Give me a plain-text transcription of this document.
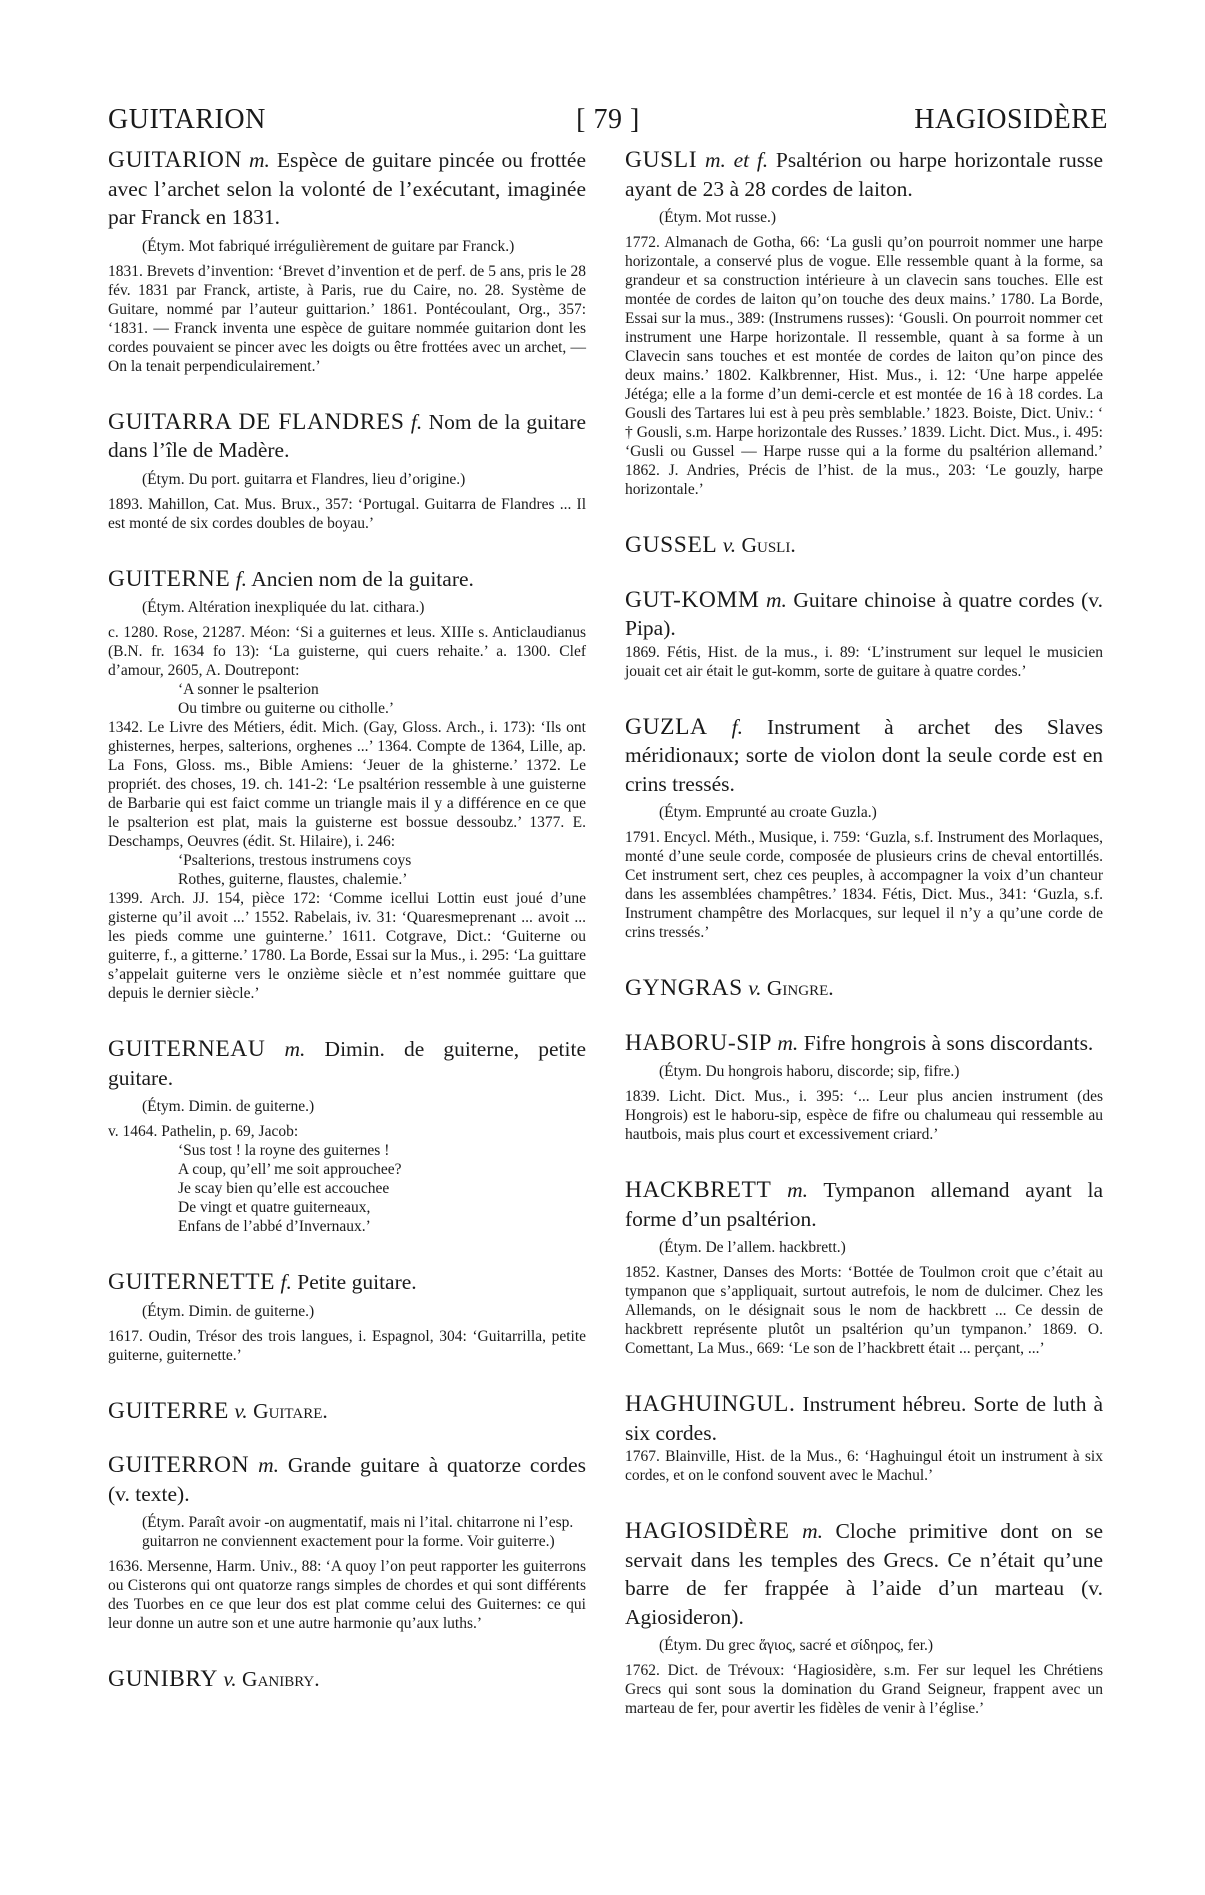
GUITARION	[ 79 ]	HAGIOSIDÈRE

GUITARION m. Espèce de guitare pincée ou frottée avec l’archet selon la volonté de l’exécutant, imaginée par Franck en 1831.

(Étym. Mot fabriqué irrégulièrement de guitare par Franck.)

1831. Brevets d’invention: ‘Brevet d’invention et de perf. de 5 ans, pris le 28 fév. 1831 par Franck, artiste, à Paris, rue du Caire, no. 28. Système de Guitare, nommé par l’auteur guittarion.’ 1861. Pontécoulant, Org., 357: ‘1831. — Franck inventa une espèce de guitare nommée guitarion dont les cordes pouvaient se pincer avec les doigts ou être frottées avec un archet, — On la tenait perpendiculairement.’

GUITARRA DE FLANDRES f. Nom de la guitare dans l’île de Madère.

(Étym. Du port. guitarra et Flandres, lieu d’origine.)

1893. Mahillon, Cat. Mus. Brux., 357: ‘Portugal. Guitarra de Flandres ... Il est monté de six cordes doubles de boyau.’

GUITERNE f. Ancien nom de la guitare.

(Étym. Altération inexpliquée du lat. cithara.)

c. 1280. Rose, 21287. Méon: ‘Si a guiternes et leus. XIIIe s. Anticlaudianus (B.N. fr. 1634 fo 13): ‘La guisterne, qui cuers rehaite.’ a. 1300. Clef d’amour, 2605, A. Doutrepont:

‘A sonner le psalterion

Ou timbre ou guiterne ou citholle.’

1342. Le Livre des Métiers, édit. Mich. (Gay, Gloss. Arch., i. 173): ‘Ils ont ghisternes, herpes, salterions, orghenes ...’ 1364. Compte de 1364, Lille, ap. La Fons, Gloss. ms., Bible Amiens: ‘Jeuer de la ghisterne.’ 1372. Le propriét. des choses, 19. ch. 141-2: ‘Le psaltérion ressemble à une guisterne de Barbarie qui est faict comme un triangle mais il y a différence en ce que le psalterion est plat, mais la guisterne est bossue dessoubz.’ 1377. E. Deschamps, Oeuvres (édit. St. Hilaire), i. 246:

‘Psalterions, trestous instrumens coys

Rothes, guiterne, flaustes, chalemie.’

1399. Arch. JJ. 154, pièce 172: ‘Comme icellui Lottin eust joué d’une gisterne qu’il avoit ...’ 1552. Rabelais, iv. 31: ‘Quaresmeprenant ... avoit ... les pieds comme une guinterne.’ 1611. Cotgrave, Dict.: ‘Guiterne ou guiterre, f., a gitterne.’ 1780. La Borde, Essai sur la Mus., i. 295: ‘La guittare s’appelait guiterne vers le onzième siècle et n’est nommée guittare que depuis le dernier siècle.’

GUITERNEAU m. Dimin. de guiterne, petite guitare.

(Étym. Dimin. de guiterne.)

v. 1464. Pathelin, p. 69, Jacob:

‘Sus tost ! la royne des guiternes !

A coup, qu’ell’ me soit approuchee?

Je scay bien qu’elle est accouchee

De vingt et quatre guiterneaux,

Enfans de l’abbé d’Invernaux.’

GUITERNETTE f. Petite guitare.

(Étym. Dimin. de guiterne.)

1617. Oudin, Trésor des trois langues, i. Espagnol, 304: ‘Guitarrilla, petite guiterne, guiternette.’

GUITERRE v. Guitare.

GUITERRON m. Grande guitare à quatorze cordes (v. texte).

(Étym. Paraît avoir -on augmentatif, mais ni l’ital. chitarrone ni l’esp. guitarron ne conviennent exactement pour la forme. Voir guiterre.)

1636. Mersenne, Harm. Univ., 88: ‘A quoy l’on peut rapporter les guiterrons ou Cisterons qui ont quatorze rangs simples de chordes et qui sont différents des Tuorbes en ce que leur dos est plat comme celui des Guiternes: ce qui leur donne un autre son et une autre harmonie qu’aux luths.’

GUNIBRY v. Ganibry.

GUSLI m. et f. Psaltérion ou harpe horizontale russe ayant de 23 à 28 cordes de laiton.

(Étym. Mot russe.)

1772. Almanach de Gotha, 66: ‘La gusli qu’on pourroit nommer une harpe horizontale, a conservé plus de vogue. Elle ressemble quant à la forme, sa grandeur et sa construction intérieure à un clavecin sans touches. Elle est montée de cordes de laiton qu’on touche des deux mains.’ 1780. La Borde, Essai sur la mus., 389: (Instrumens russes): ‘Gousli. On pourroit nommer cet instrument une Harpe horizontale. Il ressemble, quant à sa forme à un Clavecin sans touches et est montée de cordes de laiton qu’on pince des deux mains.’ 1802. Kalkbrenner, Hist. Mus., i. 12: ‘Une harpe appelée Jétéga; elle a la forme d’un demi-cercle et est montée de 16 à 18 cordes. La Gousli des Tartares lui est à peu près semblable.’ 1823. Boiste, Dict. Univ.: ‘ † Gousli, s.m. Harpe horizontale des Russes.’ 1839. Licht. Dict. Mus., i. 495: ‘Gusli ou Gussel — Harpe russe qui a la forme du psaltérion allemand.’ 1862. J. Andries, Précis de l’hist. de la mus., 203: ‘Le gouzly, harpe horizontale.’

GUSSEL v. Gusli.

GUT-KOMM m. Guitare chinoise à quatre cordes (v. Pipa).

1869. Fétis, Hist. de la mus., i. 89: ‘L’instrument sur lequel le musicien jouait cet air était le gut-komm, sorte de guitare à quatre cordes.’

GUZLA f. Instrument à archet des Slaves méridionaux; sorte de violon dont la seule corde est en crins tressés.

(Étym. Emprunté au croate Guzla.)

1791. Encycl. Méth., Musique, i. 759: ‘Guzla, s.f. Instrument des Morlaques, monté d’une seule corde, composée de plusieurs crins de cheval entortillés. Cet instrument sert, chez ces peuples, à accompagner la voix d’un chanteur dans les assemblées champêtres.’ 1834. Fétis, Dict. Mus., 341: ‘Guzla, s.f. Instrument champêtre des Morlacques, sur lequel il n’y a qu’une corde de crins tressés.’

GYNGRAS v. Gingre.

HABORU-SIP m. Fifre hongrois à sons discordants.

(Étym. Du hongrois haboru, discorde; sip, fifre.)

1839. Licht. Dict. Mus., i. 395: ‘... Leur plus ancien instrument (des Hongrois) est le haboru-sip, espèce de fifre ou chalumeau qui ressemble au hautbois, mais plus court et excessivement criard.’

HACKBRETT m. Tympanon allemand ayant la forme d’un psaltérion.

(Étym. De l’allem. hackbrett.)

1852. Kastner, Danses des Morts: ‘Bottée de Toulmon croit que c’était au tympanon que s’appliquait, surtout autrefois, le nom de dulcimer. Chez les Allemands, on le désignait sous le nom de hackbrett ... Ce dessin de hackbrett représente plutôt un psaltérion qu’un tympanon.’ 1869. O. Comettant, La Mus., 669: ‘Le son de l’hackbrett était ... perçant, ...’

HAGHUINGUL. Instrument hébreu. Sorte de luth à six cordes.

1767. Blainville, Hist. de la Mus., 6: ‘Haghuingul étoit un instrument à six cordes, et on le confond souvent avec le Machul.’

HAGIOSIDÈRE m. Cloche primitive dont on se servait dans les temples des Grecs. Ce n’était qu’une barre de fer frappée à l’aide d’un marteau (v. Agiosideron).

(Étym. Du grec ἅγιος, sacré et σίδηρος, fer.)

1762. Dict. de Trévoux: ‘Hagiosidère, s.m. Fer sur lequel les Chrétiens Grecs qui sont sous la domination du Grand Seigneur, frappent avec un marteau de fer, pour avertir les fidèles de venir à l’église.’
